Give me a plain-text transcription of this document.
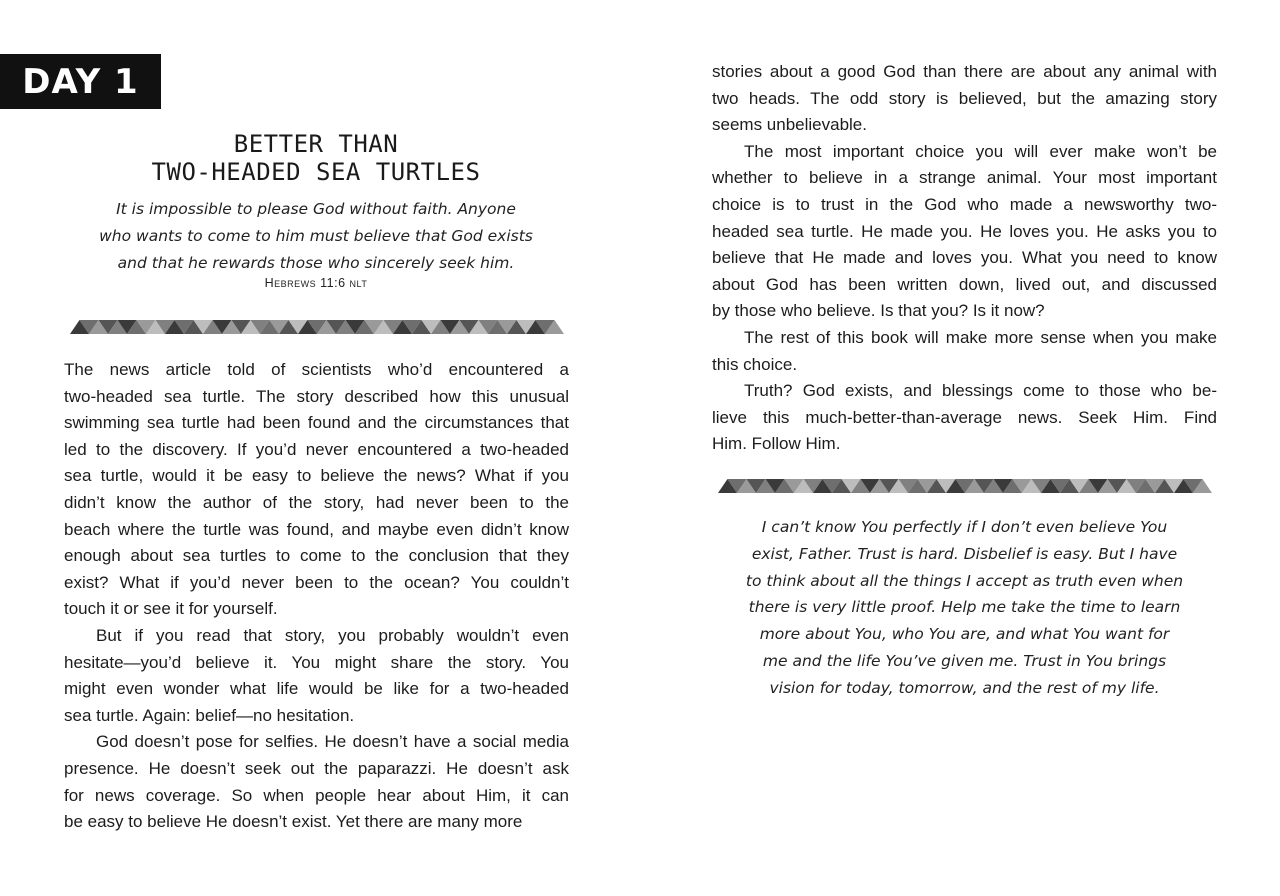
DAY 1
BETTER THAN
TWO-HEADED SEA TURTLES
It is impossible to please God without faith. Anyone
who wants to come to him must believe that God exists
and that he rewards those who sincerely seek him.
Hebrews 11:6 nlt
The news article told of scientists who’d encountered a
two-headed sea turtle. The story described how this unusual
swimming sea turtle had been found and the circumstances that
led to the discovery. If you’d never encountered a two-headed
sea turtle, would it be easy to believe the news? What if you
didn’t know the author of the story, had never been to the
beach where the turtle was found, and maybe even didn’t know
enough about sea turtles to come to the conclusion that they
exist? What if you’d never been to the ocean? You couldn’t
touch it or see it for yourself.
But if you read that story, you probably wouldn’t even
hesitate—you’d believe it. You might share the story. You
might even wonder what life would be like for a two-headed
sea turtle. Again: belief—no hesitation.
God doesn’t pose for selfies. He doesn’t have a social media
presence. He doesn’t seek out the paparazzi. He doesn’t ask
for news coverage. So when people hear about Him, it can
be easy to believe He doesn’t exist. Yet there are many more
stories about a good God than there are about any animal with
two heads. The odd story is believed, but the amazing story
seems unbelievable.
The most important choice you will ever make won’t be
whether to believe in a strange animal. Your most important
choice is to trust in the God who made a newsworthy two-
headed sea turtle. He made you. He loves you. He asks you to
believe that He made and loves you. What you need to know
about God has been written down, lived out, and discussed
by those who believe. Is that you? Is it now?
The rest of this book will make more sense when you make
this choice.
Truth? God exists, and blessings come to those who be-
lieve this much-better-than-average news. Seek Him. Find
Him. Follow Him.
I can’t know You perfectly if I don’t even believe You
exist, Father. Trust is hard. Disbelief is easy. But I have
to think about all the things I accept as truth even when
there is very little proof. Help me take the time to learn
more about You, who You are, and what You want for
me and the life You’ve given me. Trust in You brings
vision for today, tomorrow, and the rest of my life.
